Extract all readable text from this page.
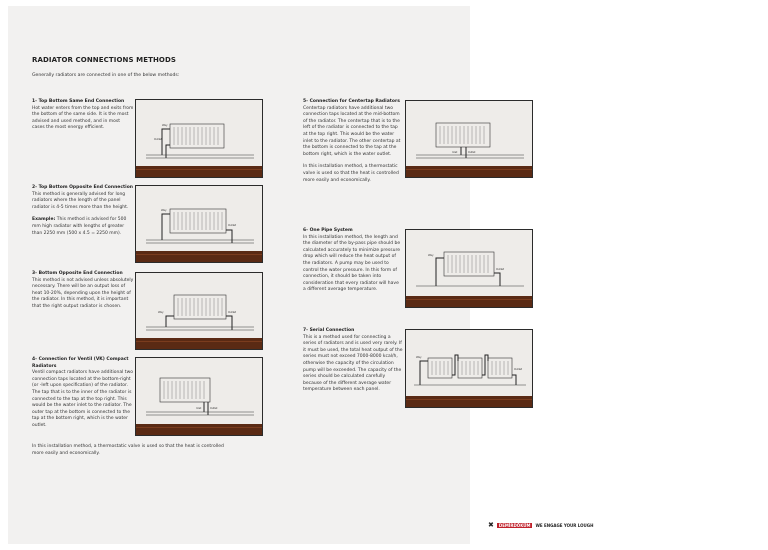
RADIATOR CONNECTIONS METHODS
Generally radiators are connected in one of the below methods:

1- Top Bottom Same End Connection

Hot water enters from the top and exits from the bottom of the same side. It is the most advised and used method, and in most cases the most energy efficient.	Way
Outlet

2- Top Bottom Opposite End Connection

This method is generally advised for long radiators where the length of the panel radiator is 4-5 times more than the height.

Example: This method is advised for 500 mm high radiator with lengths of greater than 2250 mm (500 x 4.5 = 2250 mm).

Way
Outlet

3- Bottom Opposite End Connection

This method is not advised unless absolutely necessary. There will be an output loss of heat 10-20%, depending upon the height of the radiator. In this method, it is important that the right output radiator is chosen.

Way	Outlet

4- Connection for Ventil (VK) Compact Radiators

Ventil compact radiators have additional two connection taps located at the bottom-right (or -left upon specification) of the radiator. The tap that is to the inner of the radiator is connected to the tap at the top right. This would be the water inlet to the radiator. The outer tap at the bottom is connected to the tap at the bottom right, which is the water outlet.

Inlet	Outlet
In this installation method, a thermostatic valve is used so that the heat is controlled more easily and economically.

5- Connection for Centertap Radiators

Centertap radiators have additional two connection taps located at the mid-bottom of the radiator. The centertap that is to the left of the radiator is connected to the tap at the top right. This would be the water inlet to the radiator. The other centertap at the bottom is connected to the tap at the bottom right, which is the water outlet.

In this installation method, a thermostatic valve is used so that the heat is controlled more easily and economically.

Inlet	Outlet

6- One Pipe System

In this installation method, the length and the diameter of the by-pass pipe should be calculated accurately to minimize pressure drop which will reduce the heat output of the radiators. A pump may be used to control the water pressure. In this form of connection, it should be taken into consideration that every radiator will have a different average temperature.

Way
Outlet

7- Serial Connection

This is a method used for connecting a series of radiators and is used very rarely. If it must be used, the total heat output of the series must not exceed 7000-8000 kcal/h, otherwise the capacity of the circulation pump will be exceeded. The capacity of the series should be calculated carefully because of the different average water temperature between each panel.

Way
Outlet
✖	DEMİRDÖKÜM	WE ENGAGE YOUR LOUGH
